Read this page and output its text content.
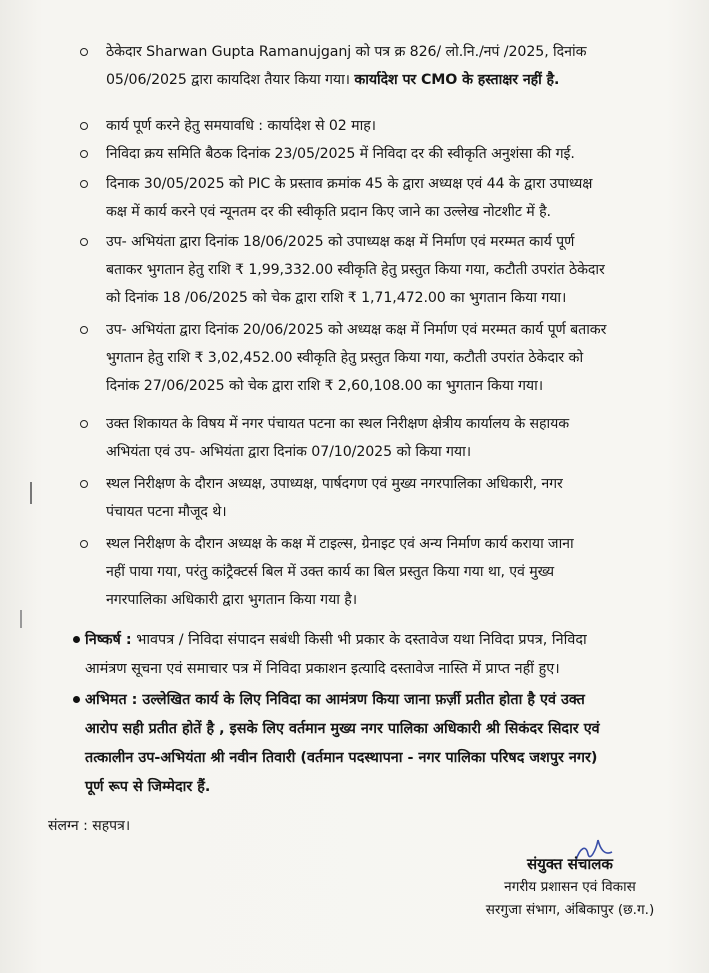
ठेकेदार Sharwan Gupta Ramanujganj को पत्र क्र 826/ लो.नि./नपं /2025, दिनांक
05/06/2025 द्वारा कायदिश तैयार किया गया। कार्यादेश पर CMO के हस्ताक्षर नहीं है.
कार्य पूर्ण करने हेतु समयावधि : कार्यादेश से 02 माह।
निविदा क्रय समिति बैठक दिनांक 23/05/2025 में निविदा दर की स्वीकृति अनुशंसा की गई.
दिनाक 30/05/2025 को PIC के प्रस्ताव क्रमांक 45 के द्वारा अध्यक्ष एवं 44 के द्वारा उपाध्यक्ष
कक्ष में कार्य करने एवं न्यूनतम दर की स्वीकृति प्रदान किए जाने का उल्लेख नोटशीट में है.
उप- अभियंता द्वारा दिनांक 18/06/2025 को उपाध्यक्ष कक्ष में निर्माण एवं मरम्मत कार्य पूर्ण
बताकर भुगतान हेतु राशि ₹ 1,99,332.00 स्वीकृति हेतु प्रस्तुत किया गया, कटौती उपरांत ठेकेदार
को दिनांक 18 /06/2025 को चेक द्वारा राशि ₹ 1,71,472.00 का भुगतान किया गया।
उप- अभियंता द्वारा दिनांक 20/06/2025 को अध्यक्ष कक्ष में निर्माण एवं मरम्मत कार्य पूर्ण बताकर
भुगतान हेतु राशि ₹ 3,02,452.00 स्वीकृति हेतु प्रस्तुत किया गया, कटौती उपरांत ठेकेदार को
दिनांक 27/06/2025 को चेक द्वारा राशि ₹ 2,60,108.00 का भुगतान किया गया।
उक्त शिकायत के विषय में नगर पंचायत पटना का स्थल निरीक्षण क्षेत्रीय कार्यालय के सहायक
अभियंता एवं उप- अभियंता द्वारा दिनांक 07/10/2025 को किया गया।
स्थल निरीक्षण के दौरान अध्यक्ष, उपाध्यक्ष, पार्षदगण एवं मुख्य नगरपालिका अधिकारी, नगर
पंचायत पटना मौजूद थे।
स्थल निरीक्षण के दौरान अध्यक्ष के कक्ष में टाइल्स, ग्रेनाइट एवं अन्य निर्माण कार्य कराया जाना
नहीं पाया गया, परंतु कांट्रैक्टर्स बिल में उक्त कार्य का बिल प्रस्तुत किया गया था, एवं मुख्य
नगरपालिका अधिकारी द्वारा भुगतान किया गया है।
निष्कर्ष : भावपत्र / निविदा संपादन सबंधी किसी भी प्रकार के दस्तावेज यथा निविदा प्रपत्र, निविदा
आमंत्रण सूचना एवं समाचार पत्र में निविदा प्रकाशन इत्यादि दस्तावेज नास्ति में प्राप्त नहीं हुए।
अभिमत : उल्लेखित कार्य के लिए निविदा का आमंत्रण किया जाना फ़र्ज़ी प्रतीत होता है एवं उक्त
आरोप सही प्रतीत होतें है , इसके लिए वर्तमान मुख्य नगर पालिका अधिकारी श्री सिकंदर सिदार एवं
तत्कालीन उप-अभियंता श्री नवीन तिवारी (वर्तमान पदस्थापना - नगर पालिका परिषद जशपुर नगर)
पूर्ण रूप से जिम्मेदार हैं.
संलग्न : सहपत्र।
संयुक्त संचालक
नगरीय प्रशासन एवं विकास
सरगुजा संभाग, अंबिकापुर (छ.ग.)
